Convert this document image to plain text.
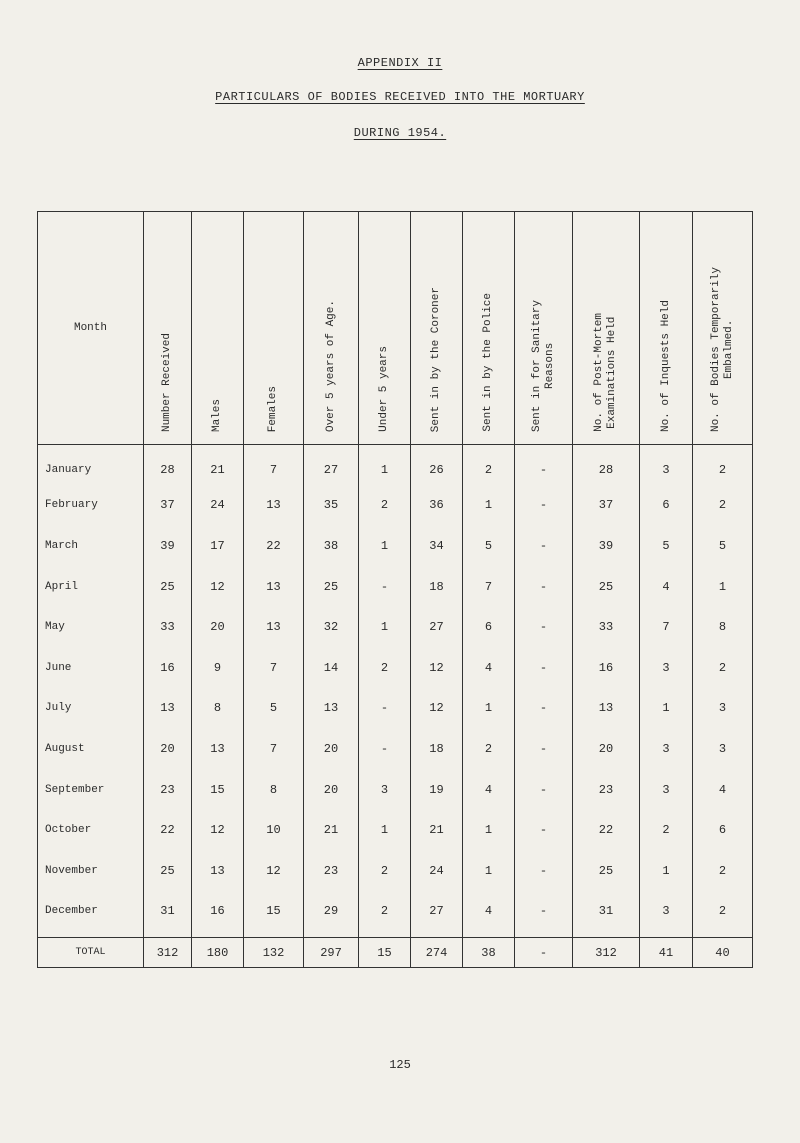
APPENDIX II
PARTICULARS OF BODIES RECEIVED INTO THE MORTUARY
DURING 1954.
Month	Number Received	Males	Females	Over 5 years of Age.	Under 5 years	Sent in by the Coroner	Sent in by the Police	Sent in for Sanitary
Reasons	No. of Post-Mortem
Examinations Held	No. of Inquests Held	No. of Bodies Temporarily
Embalmed.

January	28	21	7	27	1	26	2	-	28	3	2
February	37	24	13	35	2	36	1	-	37	6	2
March	39	17	22	38	1	34	5	-	39	5	5
April	25	12	13	25	-	18	7	-	25	4	1
May	33	20	13	32	1	27	6	-	33	7	8
June	16	9	7	14	2	12	4	-	16	3	2
July	13	8	5	13	-	12	1	-	13	1	3
August	20	13	7	20	-	18	2	-	20	3	3
September	23	15	8	20	3	19	4	-	23	3	4
October	22	12	10	21	1	21	1	-	22	2	6
November	25	13	12	23	2	24	1	-	25	1	2
December	31	16	15	29	2	27	4	-	31	3	2

TOTAL	312	180	132	297	15	274	38	-	312	41	40
125
